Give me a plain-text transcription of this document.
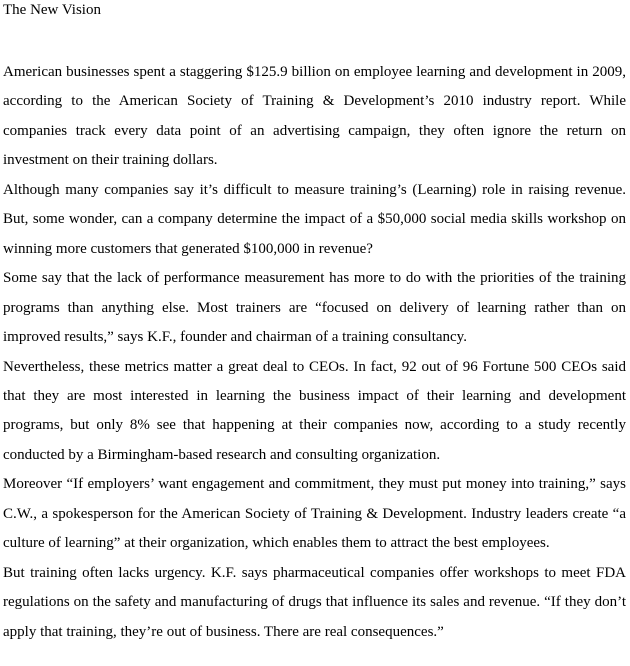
The New Vision

American businesses spent a staggering $125.9 billion on employee learning and development in 2009, according to the American Society of Training & Development’s 2010 industry report. While companies track every data point of an advertising campaign, they often ignore the return on investment on their training dollars.

Although many companies say it’s difficult to measure training’s (Learning) role in raising revenue. But, some wonder, can a company determine the impact of a $50,000 social media skills workshop on winning more customers that generated $100,000 in revenue?

Some say that the lack of performance measurement has more to do with the priorities of the training programs than anything else. Most trainers are “focused on delivery of learning rather than on improved results,” says K.F., founder and chairman of a training consultancy.

Nevertheless, these metrics matter a great deal to CEOs. In fact, 92 out of 96 Fortune 500 CEOs said that they are most interested in learning the business impact of their learning and development programs, but only 8% see that happening at their companies now, according to a study recently conducted by a Birmingham-based research and consulting organization.

Moreover “If employers’ want engagement and commitment, they must put money into training,” says C.W., a spokesperson for the American Society of Training & Development. Industry leaders create “a culture of learning” at their organization, which enables them to attract the best employees.

But training often lacks urgency. K.F. says pharmaceutical companies offer workshops to meet FDA regulations on the safety and manufacturing of drugs that influence its sales and revenue. “If they don’t apply that training, they’re out of business. There are real consequences.”
